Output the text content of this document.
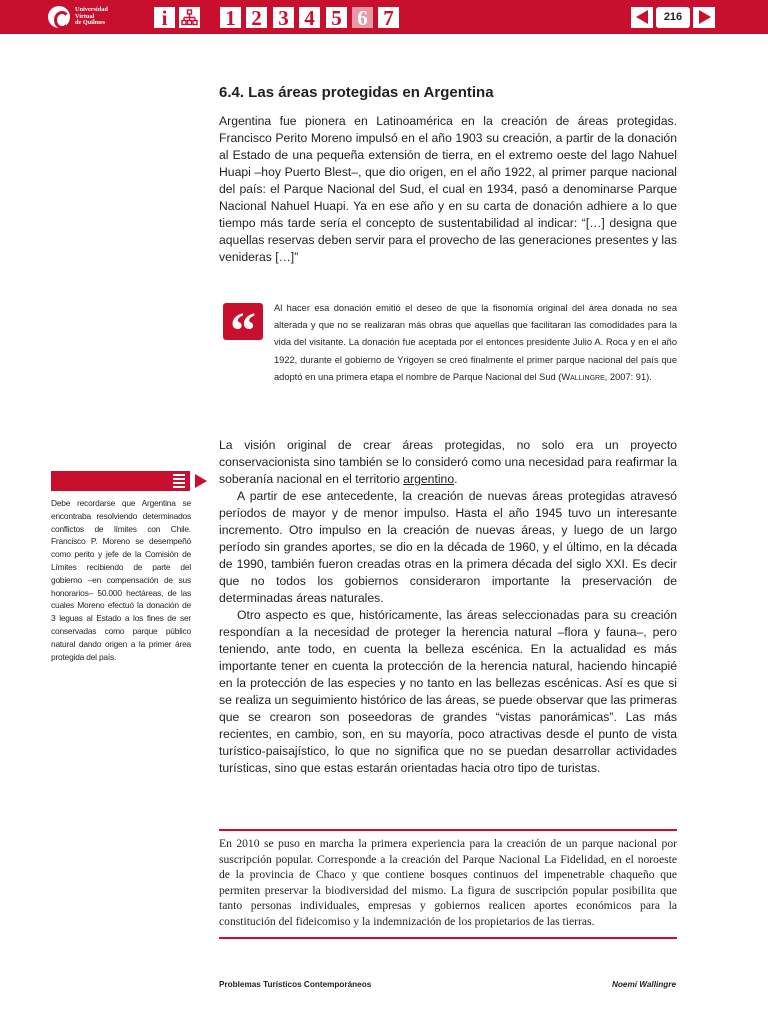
Universidad
Virtual
de Quilmes	i	1 2 3 4 5 6 7	216
6.4. Las áreas protegidas en Argentina

Argentina fue pionera en Latinoamérica en la creación de áreas protegidas. Francisco Perito Moreno impulsó en el año 1903 su creación, a partir de la donación al Estado de una pequeña extensión de tierra, en el extremo oeste del lago Nahuel Huapi –hoy Puerto Blest–, que dio origen, en el año 1922, al primer parque nacional del país: el Parque Nacional del Sud, el cual en 1934, pasó a denominarse Parque Nacional Nahuel Huapi. Ya en ese año y en su carta de donación adhiere a lo que tiempo más tarde sería el concepto de sustentabilidad al indicar: “[…] designa que aquellas reservas deben servir para el provecho de las generaciones presentes y las venideras […]”

“	Al hacer esa donación emitió el deseo de que la fisonomía original del área donada no sea alterada y que no se realizaran más obras que aquellas que facilitaran las comodidades para la vida del visitante. La donación fue aceptada por el entonces presidente Julio A. Roca y en el año 1922, durante el gobierno de Yrigoyen se creó finalmente el primer parque nacional del país que adoptó en una primera etapa el nombre de Parque Nacional del Sud (Wallingre, 2007: 91).

Debe recordarse que Argentina se encontraba resolviendo determinados conflictos de límites con Chile. Francisco P. Moreno se desempeñó como perito y jefe de la Comisión de Límites recibiendo de parte del gobierno –en compensación de sus honorarios– 50.000 hectáreas, de las cuales Moreno efectuó la donación de 3 leguas al Estado a los fines de ser conservadas como parque público natural dando origen a la primer área protegida del país.

La visión original de crear áreas protegidas, no solo era un proyecto conservacionista sino también se lo consideró como una necesidad para reafirmar la soberanía nacional en el territorio argentino.

A partir de ese antecedente, la creación de nuevas áreas protegidas atravesó períodos de mayor y de menor impulso. Hasta el año 1945 tuvo un interesante incremento. Otro impulso en la creación de nuevas áreas, y luego de un largo período sin grandes aportes, se dio en la década de 1960, y el último, en la década de 1990, también fueron creadas otras en la primera década del siglo XXI. Es decir que no todos los gobiernos consideraron importante la preservación de determinadas áreas naturales.

Otro aspecto es que, históricamente, las áreas seleccionadas para su creación respondían a la necesidad de proteger la herencia natural –flora y fauna–, pero teniendo, ante todo, en cuenta la belleza escénica. En la actualidad es más importante tener en cuenta la protección de la herencia natural, haciendo hincapié en la protección de las especies y no tanto en las bellezas escénicas. Así es que si se realiza un seguimiento histórico de las áreas, se puede observar que las primeras que se crearon son poseedoras de grandes “vistas panorámicas”. Las más recientes, en cambio, son, en su mayoría, poco atractivas desde el punto de vista turístico-paisajístico, lo que no significa que no se puedan desarrollar actividades turísticas, sino que estas estarán orientadas hacia otro tipo de turistas.

En 2010 se puso en marcha la primera experiencia para la creación de un parque nacional por suscripción popular. Corresponde a la creación del Parque Nacional La Fidelidad, en el noroeste de la provincia de Chaco y que contiene bosques continuos del impenetrable chaqueño que permiten preservar la biodiversidad del mismo. La figura de suscripción popular posibilita que tanto personas individuales, empresas y gobiernos realicen aportes económicos para la constitución del fideicomiso y la indemnización de los propietarios de las tierras.

Problemas Turísticos Contemporáneos	Noemí Wallingre
